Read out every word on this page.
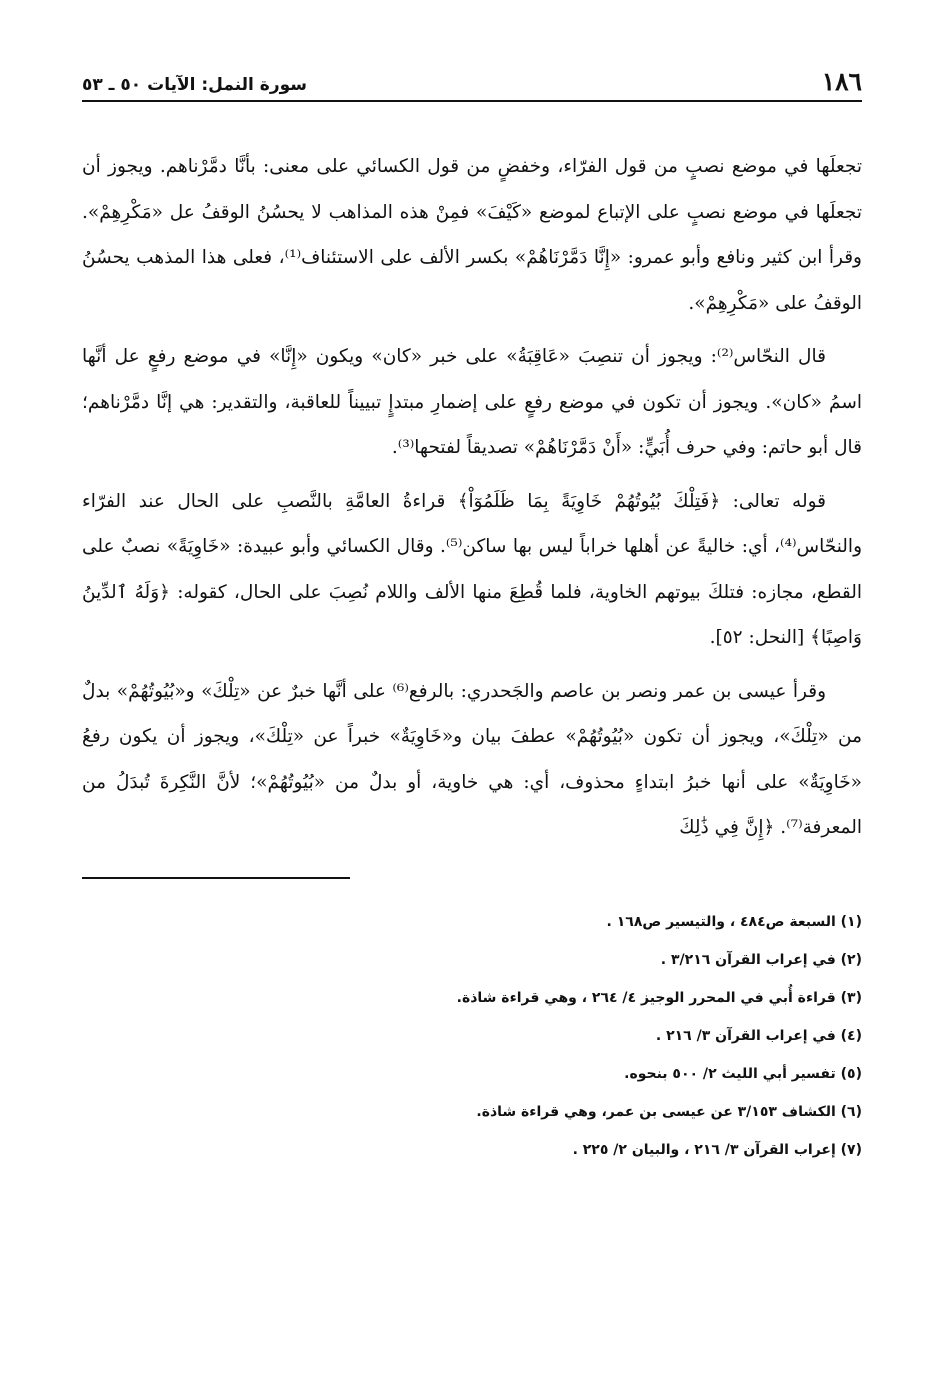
١٨٦
سورة النمل: الآيات ٥٠ ـ ٥٣

تجعلَها في موضع نصبٍ من قول الفرّاء، وخفضٍ من قول الكسائي على معنى: بأنَّا دمَّرْناهم. ويجوز أن تجعلَها في موضع نصبٍ على الإتباع لموضع «كَيْفَ» فمِنْ هذه المذاهب لا يحسُنُ الوقفُ عل «مَكْرِهِمْ». وقرأ ابن كثير ونافع وأبو عمرو: «إِنَّا دَمَّرْنَاهُمْ» بكسر الألف على الاستئناف⁽¹⁾، فعلى هذا المذهب يحسُنُ الوقفُ على «مَكْرِهِمْ».

قال النحّاس⁽²⁾: ويجوز أن تنصِبَ «عَاقِبَةُ» على خبر «كان» ويكون «إِنَّا» في موضع رفعٍ عل أنَّها اسمُ «كان». ويجوز أن تكون في موضع رفعٍ على إضمارِ مبتدإٍ تبييناً للعاقبة، والتقدير: هي إنَّا دمَّرْناهم؛ قال أبو حاتم: وفي حرف أُبَيٍّ: «أَنْ دَمَّرْنَاهُمْ» تصديقاً لفتحها⁽³⁾.

قوله تعالى: ﴿فَتِلْكَ بُيُوتُهُمْ خَاوِيَةً بِمَا ظَلَمُوٓاْ﴾ قراءةُ العامَّةِ بالنَّصبِ على الحال عند الفرّاء والنحّاس⁽⁴⁾، أي: خاليةً عن أهلها خراباً ليس بها ساكن⁽⁵⁾. وقال الكسائي وأبو عبيدة: «خَاوِيَةً» نصبٌ على القطع، مجازه: فتلكَ بيوتهم الخاوية، فلما قُطِعَ منها الألف واللام نُصِبَ على الحال، كقوله: ﴿وَلَهُ ٱلدِّينُ وَاصِبًا﴾ [النحل: ٥٢].

وقرأ عيسى بن عمر ونصر بن عاصم والجَحدري: بالرفع⁽⁶⁾ على أنَّها خبرٌ عن «تِلْكَ» و«بُيُوتُهُمْ» بدلٌ من «تِلْكَ»، ويجوز أن تكون «بُيُوتُهُمْ» عطفَ بيان و«خَاوِيَةٌ» خبراً عن «تِلْكَ»، ويجوز أن يكون رفعُ «خَاوِيَةٌ» على أنها خبرُ ابتداءٍ محذوف، أي: هي خاوية، أو بدلٌ من «بُيُوتُهُمْ»؛ لأنَّ النَّكِرةَ تُبدَلُ من المعرفة⁽⁷⁾. ﴿إِنَّ فِي ذَٰلِكَ

(١) السبعة ص٤٨٤ ، والتيسير ص١٦٨ .
(٢) في إعراب القرآن ٣/٢١٦ .
(٣) قراءة أُبي في المحرر الوجيز ٤/ ٢٦٤ ، وهي قراءة شاذة.
(٤) في إعراب القرآن ٣/ ٢١٦ .
(٥) تفسير أبي الليث ٢/ ٥٠٠ بنحوه.
(٦) الكشاف ٣/١٥٣ عن عيسى بن عمر، وهي قراءة شاذة.
(٧) إعراب القرآن ٣/ ٢١٦ ، والبيان ٢/ ٢٢٥ .
